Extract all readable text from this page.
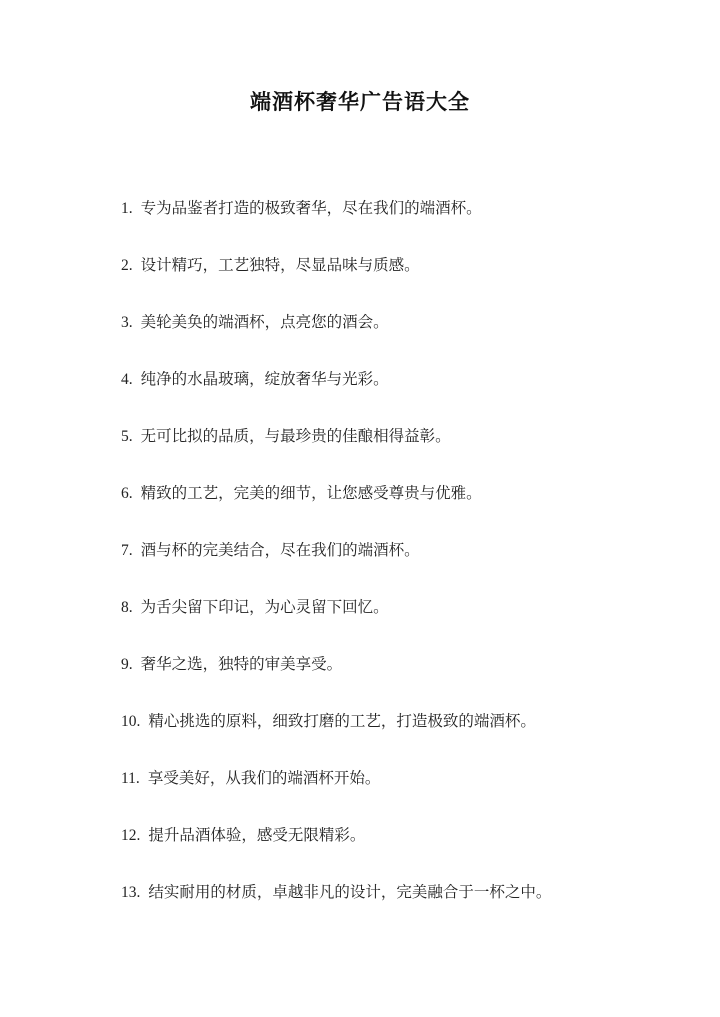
端酒杯奢华广告语大全
1. 专为品鉴者打造的极致奢华，尽在我们的端酒杯。
2. 设计精巧，工艺独特，尽显品味与质感。
3. 美轮美奂的端酒杯，点亮您的酒会。
4. 纯净的水晶玻璃，绽放奢华与光彩。
5. 无可比拟的品质，与最珍贵的佳酿相得益彰。
6. 精致的工艺，完美的细节，让您感受尊贵与优雅。
7. 酒与杯的完美结合，尽在我们的端酒杯。
8. 为舌尖留下印记，为心灵留下回忆。
9. 奢华之选，独特的审美享受。
10. 精心挑选的原料，细致打磨的工艺，打造极致的端酒杯。
11. 享受美好，从我们的端酒杯开始。
12. 提升品酒体验，感受无限精彩。
13. 结实耐用的材质，卓越非凡的设计，完美融合于一杯之中。
